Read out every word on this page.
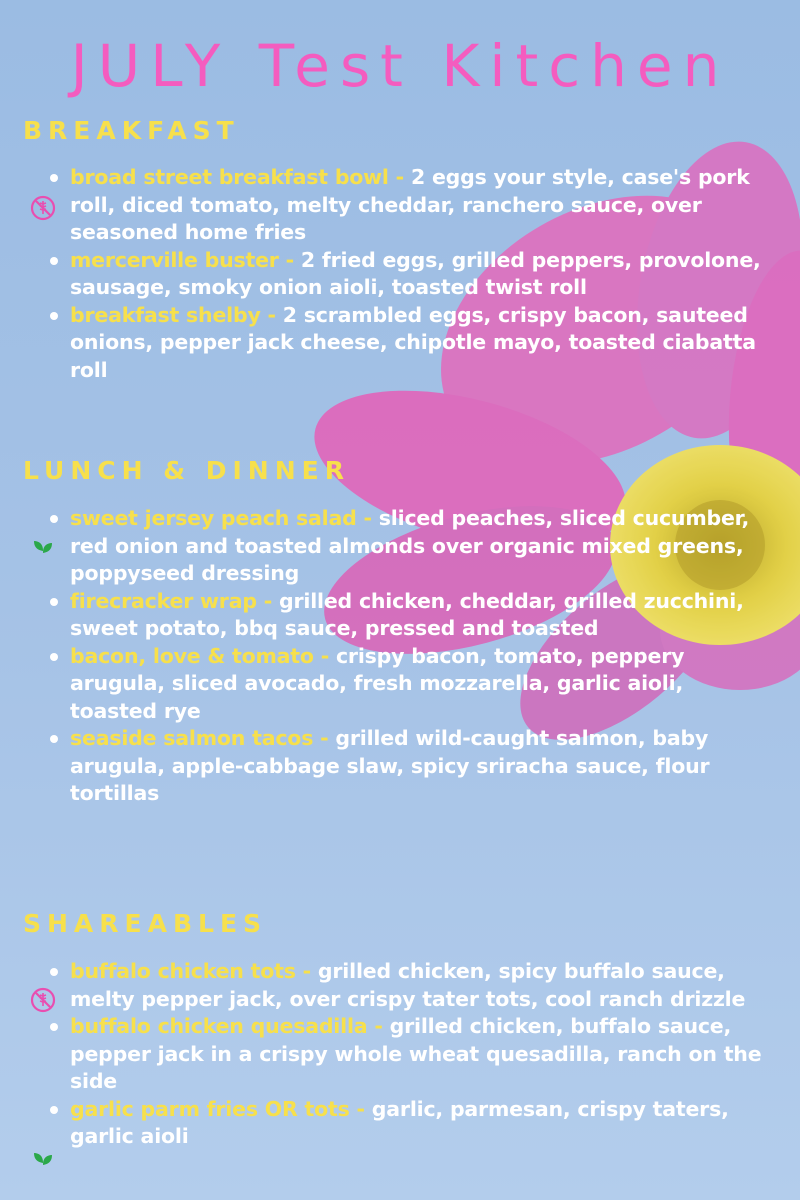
JULY Test Kitchen
BREAKFAST
broad street breakfast bowl - 2 eggs your style, case's pork roll, diced tomato, melty cheddar, ranchero sauce, over seasoned home fries
mercerville buster - 2 fried eggs, grilled peppers, provolone, sausage, smoky onion aioli, toasted twist roll
breakfast shelby - 2 scrambled eggs, crispy bacon, sauteed onions, pepper jack cheese, chipotle mayo, toasted ciabatta roll
LUNCH & DINNER
sweet jersey peach salad - sliced peaches, sliced cucumber, red onion and toasted almonds over organic mixed greens, poppyseed dressing
firecracker wrap - grilled chicken, cheddar, grilled zucchini, sweet potato, bbq sauce, pressed and toasted
bacon, love & tomato - crispy bacon, tomato, peppery arugula, sliced avocado, fresh mozzarella, garlic aioli, toasted rye
seaside salmon tacos - grilled wild-caught salmon, baby arugula, apple-cabbage slaw, spicy sriracha sauce, flour tortillas
SHAREABLES
buffalo chicken tots - grilled chicken, spicy buffalo sauce, melty pepper jack, over crispy tater tots, cool ranch drizzle
buffalo chicken quesadilla - grilled chicken, buffalo sauce, pepper jack in a crispy whole wheat quesadilla, ranch on the side
garlic parm fries OR tots - garlic, parmesan, crispy taters, garlic aioli
